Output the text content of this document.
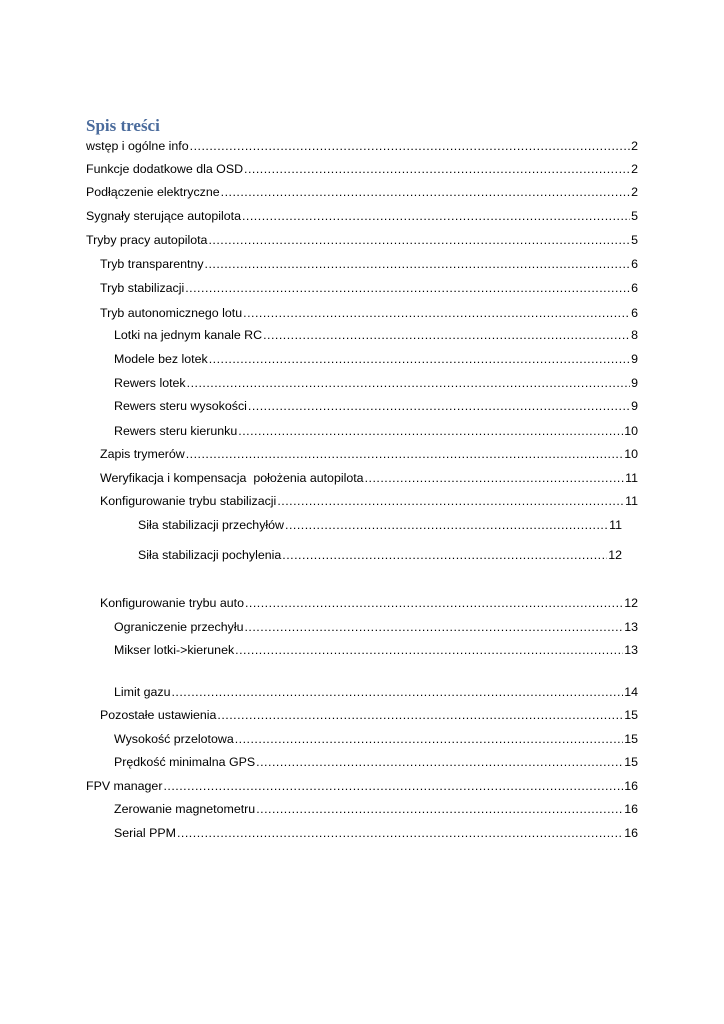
Spis treści
wstęp i ogólne info .....	2
Funkcje dodatkowe dla OSD .....	2
Podłączenie elektryczne .....	2
Sygnały sterujące autopilota .....	5
Tryby pracy autopilota .....	5
Tryb transparentny .....	6
Tryb stabilizacji .....	6
Tryb autonomicznego lotu .....	6
Lotki na jednym kanale RC .....	8
Modele bez lotek .....	9
Rewers lotek .....	9
Rewers steru wysokości .....	9
Rewers steru kierunku .....	10
Zapis trymerów .....	10
Weryfikacja i kompensacja  położenia autopilota .....	11
Konfigurowanie trybu stabilizacji .....	11
Siła stabilizacji przechyłów .....	11
Siła stabilizacji pochylenia .....	12
Konfigurowanie trybu auto .....	12
Ograniczenie przechyłu .....	13
Mikser lotki->kierunek .....	13
Limit gazu .....	14
Pozostałe ustawienia .....	15
Wysokość przelotowa .....	15
Prędkość minimalna GPS .....	15
FPV manager .....	16
Zerowanie magnetometru .....	16
Serial PPM .....	16
